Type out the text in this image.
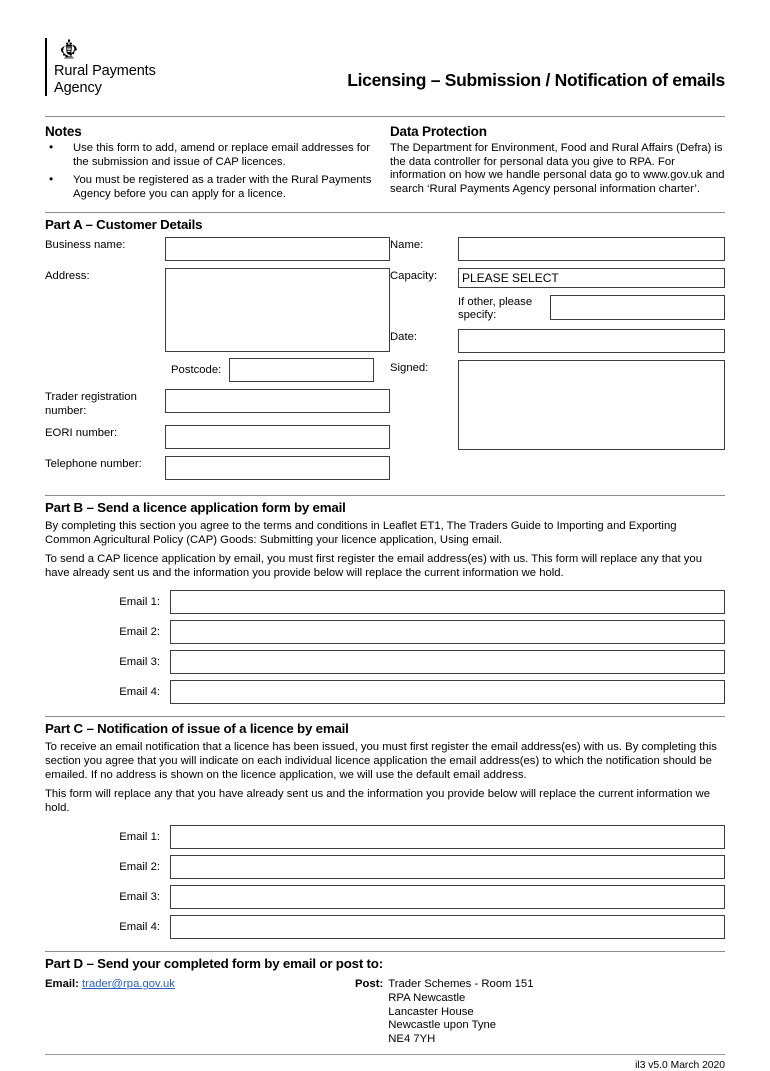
Rural Payments
Agency	Licensing – Submission / Notification of emails
Notes
• Use this form to add, amend or replace email addresses for the submission and issue of CAP licences.
• You must be registered as a trader with the Rural Payments Agency before you can apply for a licence.
Data Protection

The Department for Environment, Food and Rural Affairs (Defra) is the data controller for personal data you give to RPA. For information on how we handle personal data go to www.gov.uk and search ‘Rural Payments Agency personal information charter’.

Part A – Customer Details
Business name:
Address:
Postcode:
Trader registration number:
EORI number:
Telephone number:
Name:
Capacity:	PLEASE SELECT
If other, please specify:
Date:
Signed:
Part B – Send a licence application form by email

By completing this section you agree to the terms and conditions in Leaflet ET1, The Traders Guide to Importing and Exporting Common Agricultural Policy (CAP) Goods: Submitting your licence application, Using email.

To send a CAP licence application by email, you must first register the email address(es) with us. This form will replace any that you have already sent us and the information you provide below will replace the current information we hold.

Email 1:
Email 2:
Email 3:
Email 4:
Part C – Notification of issue of a licence by email

To receive an email notification that a licence has been issued, you must first register the email address(es) with us. By completing this section you agree that you will indicate on each individual licence application the email address(es) to which the notification should be emailed. If no address is shown on the licence application, we will use the default email address.

This form will replace any that you have already sent us and the information you provide below will replace the current information we hold.

Email 1:
Email 2:
Email 3:
Email 4:
Part D – Send your completed form by email or post to:
Email: trader@rpa.gov.uk	Post: Trader Schemes - Room 151
RPA Newcastle
Lancaster House
Newcastle upon Tyne
NE4 7YH
il3 v5.0 March 2020
